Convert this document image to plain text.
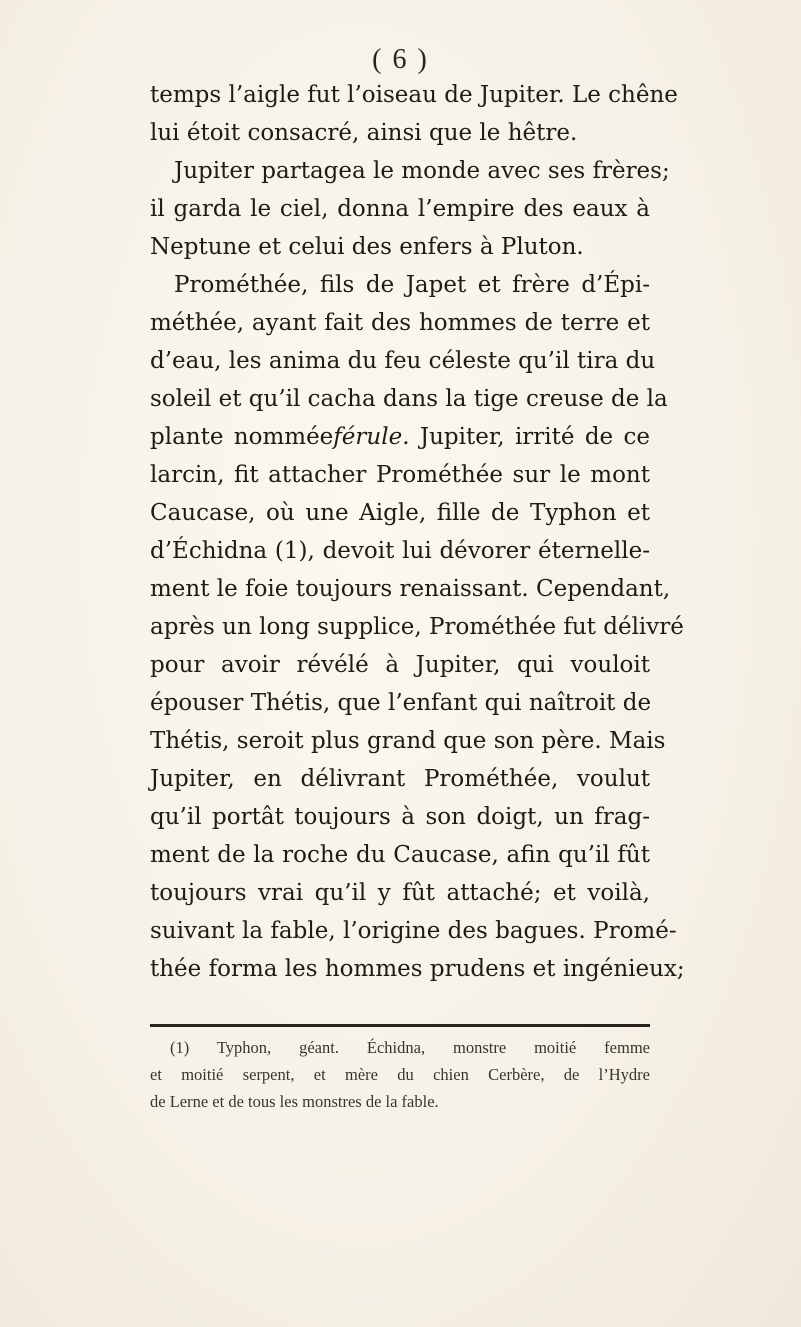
( 6 )
temps l’aigle fut l’oiseau de Jupiter. Le chêne
lui étoit consacré, ainsi que le hêtre.
Jupiter partagea le monde avec ses frères;
il garda le ciel, donna l’empire des eaux à
Neptune et celui des enfers à Pluton.
Prométhée, fils de Japet et frère d’Épi-
méthée, ayant fait des hommes de terre et
d’eau, les anima du feu céleste qu’il tira du
soleil et qu’il cacha dans la tige creuse de la
plante nomméeférule. Jupiter, irrité de ce
larcin, fit attacher Prométhée sur le mont
Caucase, où une Aigle, fille de Typhon et
d’Échidna (1), devoit lui dévorer éternelle-
ment le foie toujours renaissant. Cependant,
après un long supplice, Prométhée fut délivré
pour avoir révélé à Jupiter, qui vouloit
épouser Thétis, que l’enfant qui naîtroit de
Thétis, seroit plus grand que son père. Mais
Jupiter, en délivrant Prométhée, voulut
qu’il portât toujours à son doigt, un frag-
ment de la roche du Caucase, afin qu’il fût
toujours vrai qu’il y fût attaché; et voilà,
suivant la fable, l’origine des bagues. Promé-
thée forma les hommes prudens et ingénieux;
(1) Typhon, géant. Échidna, monstre moitié femme
et moitié serpent, et mère du chien Cerbère, de l’Hydre
de Lerne et de tous les monstres de la fable.
